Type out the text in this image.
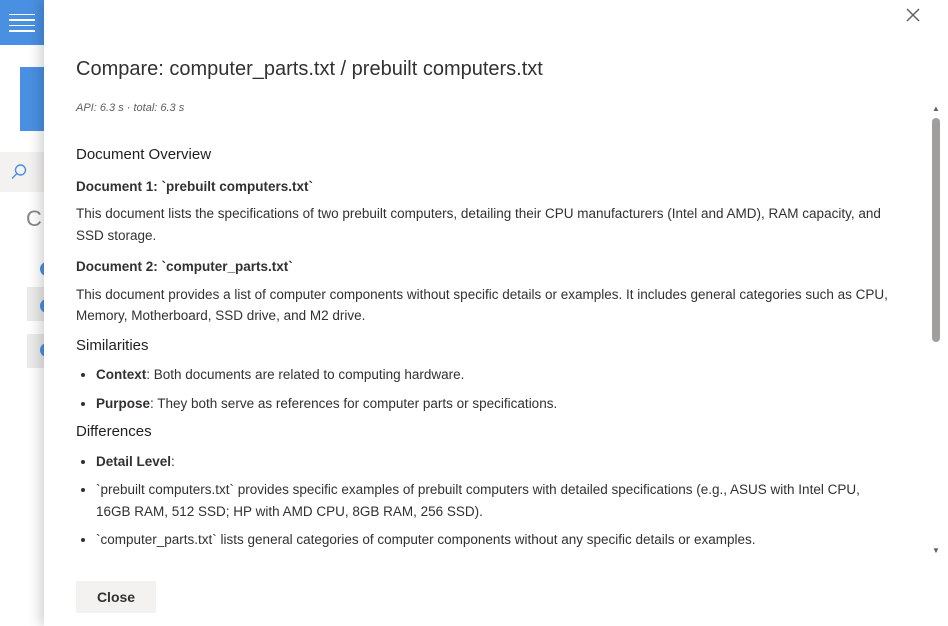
C
Compare: computer_parts.txt / prebuilt computers.txt
API: 6.3 s · total: 6.3 s
Document Overview
Document 1: `prebuilt computers.txt`

This document lists the specifications of two prebuilt computers, detailing their CPU manufacturers (Intel and AMD), RAM capacity, and SSD storage.

Document 2: `computer_parts.txt`

This document provides a list of computer components without specific details or examples. It includes general categories such as CPU, Memory, Motherboard, SSD drive, and M2 drive.

Similarities
• Context: Both documents are related to computing hardware.
• Purpose: They both serve as references for computer parts or specifications.
Differences
• Detail Level:
• `prebuilt computers.txt` provides specific examples of prebuilt computers with detailed specifications (e.g., ASUS with Intel CPU, 16GB RAM, 512 SSD; HP with AMD CPU, 8GB RAM, 256 SSD).
• `computer_parts.txt` lists general categories of computer components without any specific details or examples.
▲
▼
Close
